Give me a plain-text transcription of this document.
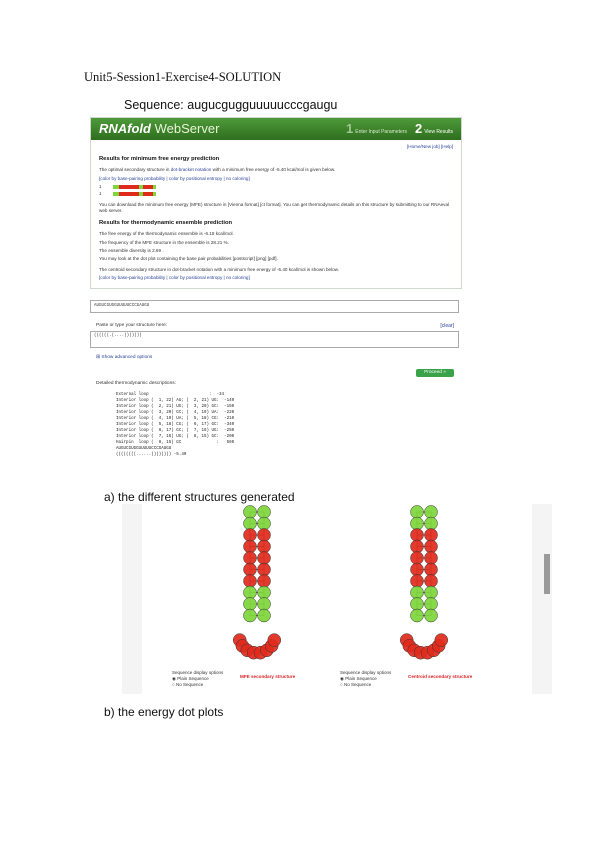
Unit5-Session1-Exercise4-SOLUTION
Sequence: augucgugguuuuucccgaugu
RNAfold WebServer	1 Enter Input Parameters 2 View Results
[Home/New job] [Help]
Results for minimum free energy prediction
The optimal secondary structure in dot-bracket notation with a minimum free energy of -5.40 kcal/mol is given below.
[color by base-pairing probability | color by positional entropy | no coloring]
1
1
You can download the minimum free energy (MFE) structure in [Vienna format] [ct format]. You can get thermodynamic details on this structure by submitting to our RNAeval web server.
Results for thermodynamic ensemble prediction
The free energy of the thermodynamic ensemble is -6.18 kcal/mol.
The frequency of the MFE structure in the ensemble is 28.21 %.
The ensemble diversity is 2.69 .
You may look at the dot plot containing the base pair probabilities [postscript] [png] [pdf].
The centroid secondary structure in dot-bracket notation with a minimum free energy of -5.40 kcal/mol is shown below.
[color by base-pairing probability | color by positional entropy | no coloring]
AUGUCGUGGUUUUUCCCGAUGU
Paste or type your structure here:	[clear]
((((((.(....)))))))
⊞ Show advanced options
Proceed »
Detailed thermodynamic descriptions:
External loop                        :  -34
Interior loop (  1, 22) AU; (  2, 21) UG:  -140
Interior loop (  2, 21) UG; (  3, 20) GC:  -150
Interior loop (  3, 20) GC; (  4, 19) UA:  -220
Interior loop (  4, 19) UA; (  5, 18) CG:  -210
Interior loop (  5, 18) CG; (  6, 17) GC:  -340
Interior loop (  6, 17) GC; (  7, 16) UG:  -250
Interior loop (  7, 16) UG; (  8, 15) GC:  -200
Hairpin  loop (  8, 15) GC              :   560
AUGUCGUGGUUUUUCCCGAUGU
((((((((......)))))))) -5.40
a) the different structures generated
Sequence display options
◉ Plain Sequence
○ No Sequence
MFE secondary structure
Sequence display options
◉ Plain Sequence
○ No Sequence
Centroid secondary structure
b) the energy dot plots
